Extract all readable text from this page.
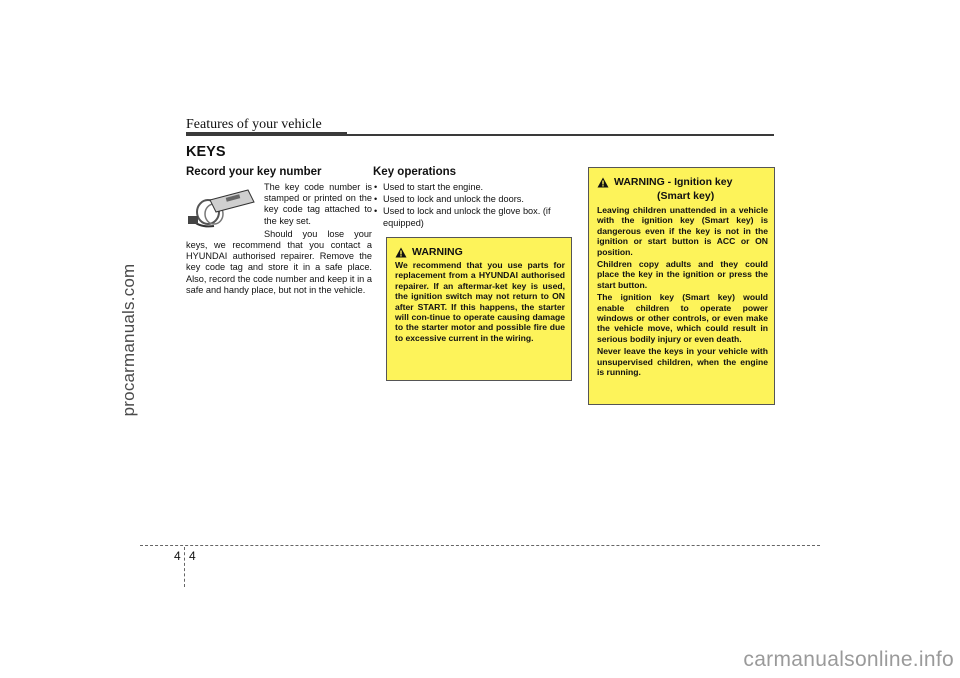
procarmanuals.com
carmanualsonline.info
Features of your vehicle
KEYS
Record your key number

The key code number is stamped or printed on the key code tag attached to the key set.

Should you lose your keys, we recommend that you contact a HYUNDAI authorised repairer. Remove the key code tag and store it in a safe place. Also, record the code number and keep it in a safe and handy place, but not in the vehicle.

Key operations
• Used to start the engine.
• Used to lock and unlock the doors.
• Used to lock and unlock the glove box. (if equipped)
WARNING

We recommend that you use parts for replacement from a HYUNDAI authorised repairer. If an aftermar-ket key is used, the ignition switch may not return to ON after START. If this happens, the starter will con-tinue to operate causing damage to the starter motor and possible fire due to excessive current in the wiring.

WARNING - Ignition key
(Smart key)

Leaving children unattended in a vehicle with the ignition key (Smart key) is dangerous even if the key is not in the ignition or start button is ACC or ON position.

Children copy adults and they could place the key in the ignition or press the start button.

The ignition key (Smart key) would enable children to operate power windows or other controls, or even make the vehicle move, which could result in serious bodily injury or even death.

Never leave the keys in your vehicle with unsupervised children, when the engine is running.

4 4
